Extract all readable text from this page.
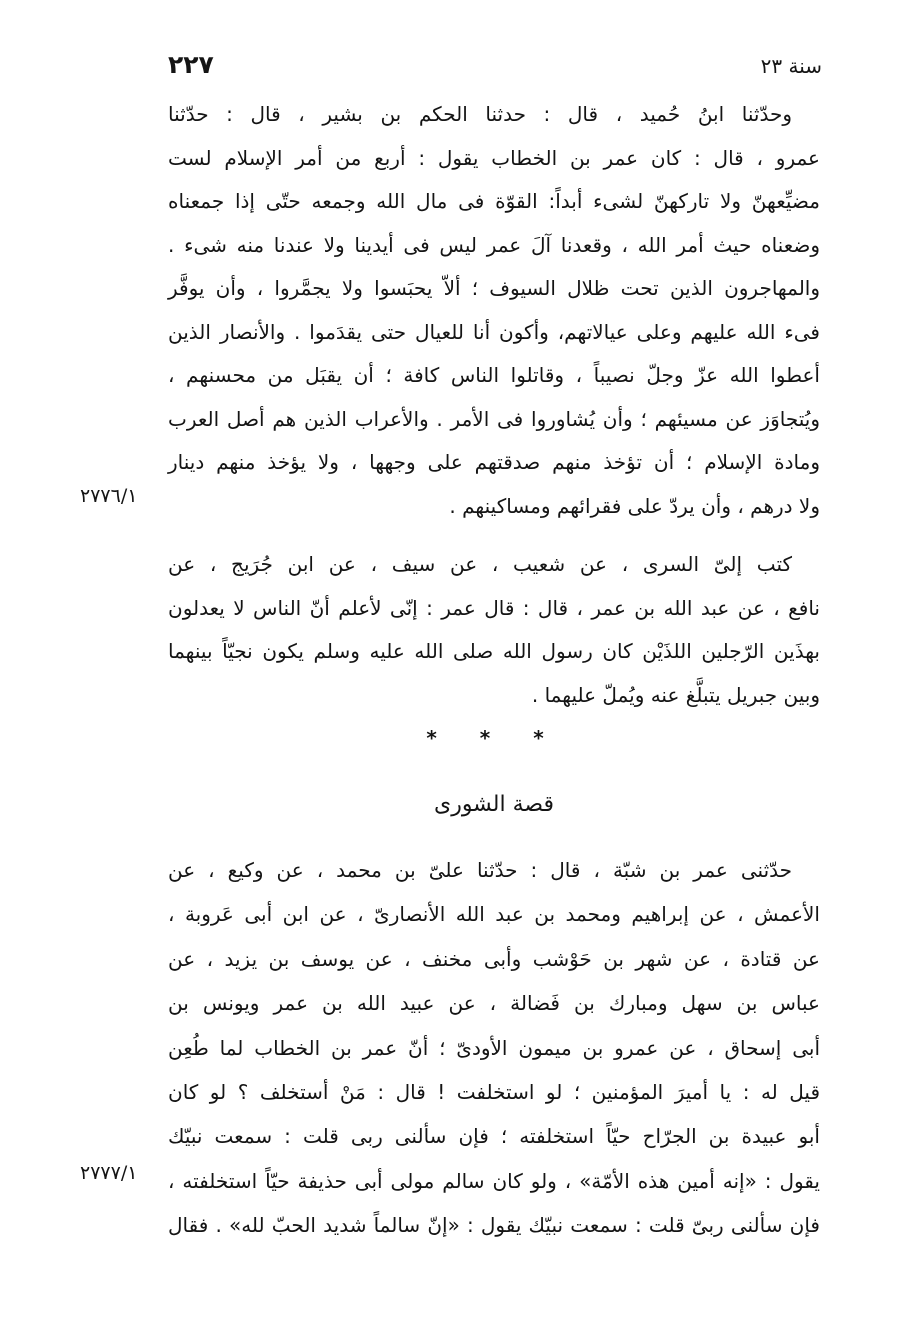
٢٢٧	سنة ٢٣
وحدّثنا ابنُ حُميد ، قال : حدثنا الحكم بن بشير ، قال : حدّثنا
عمرو ، قال : كان عمر بن الخطاب يقول : أربع من أمر الإسلام لست
مضيِّعهنّ ولا تاركهنّ لشىء أبداً: القوّة فى مال الله وجمعه حتّى إذا جمعناه
وضعناه حيث أمر الله ، وقعدنا آلَ عمر ليس فى أيدينا ولا عندنا منه شىء .
والمهاجرون الذين تحت ظلال السيوف ؛ ألاّ يحبَسوا ولا يجمَّروا ، وأن يوفَّر
فىء الله عليهم وعلى عيالاتهم، وأكون أنا للعيال حتى يقدَموا . والأنصار الذين
أعطوا الله عزّ وجلّ نصيباً ، وقاتلوا الناس كافة ؛ أن يقبَل من محسنهم ،
ويُتجاوَز عن مسيئهم ؛ وأن يُشاوروا فى الأمر . والأعراب الذين هم أصل العرب
ومادة الإسلام ؛ أن تؤخذ منهم صدقتهم على وجهها ، ولا يؤخذ منهم دينار
ولا درهم ، وأن يردّ على فقرائهم ومساكينهم .
٢٧٧٦/١
كتب إلىّ السرى ، عن شعيب ، عن سيف ، عن ابن جُرَيج ، عن
نافع ، عن عبد الله بن عمر ، قال : قال عمر : إنّى لأعلم أنّ الناس لا يعدلون
بهذَين الرّجلين اللذَيْن كان رسول الله صلى الله عليه وسلم يكون نجيّاً بينهما
وبين جبريل يتبلَّغ عنه ويُملّ عليهما .
* * *
قصة الشورى
حدّثنى عمر بن شبّة ، قال : حدّثنا علىّ بن محمد ، عن وكيع ، عن
الأعمش ، عن إبراهيم ومحمد بن عبد الله الأنصارىّ ، عن ابن أبى عَروبة ،
عن قتادة ، عن شهر بن حَوْشب وأبى مخنف ، عن يوسف بن يزيد ، عن
عباس بن سهل ومبارك بن فَضالة ، عن عبيد الله بن عمر ويونس بن
أبى إسحاق ، عن عمرو بن ميمون الأودىّ ؛ أنّ عمر بن الخطاب لما طُعِن
قيل له : يا أميرَ المؤمنين ؛ لو استخلفت ! قال : مَنْ أستخلف ؟ لو كان
أبو عبيدة بن الجرّاح حيّاً استخلفته ؛ فإن سألنى ربى قلت : سمعت نبيّك
يقول : «إنه أمين هذه الأمّة» ، ولو كان سالم مولى أبى حذيفة حيّاً استخلفته ،
فإن سألنى ربىّ قلت : سمعت نبيّك يقول : «إنّ سالماً شديد الحبّ لله» . فقال
٢٧٧٧/١
